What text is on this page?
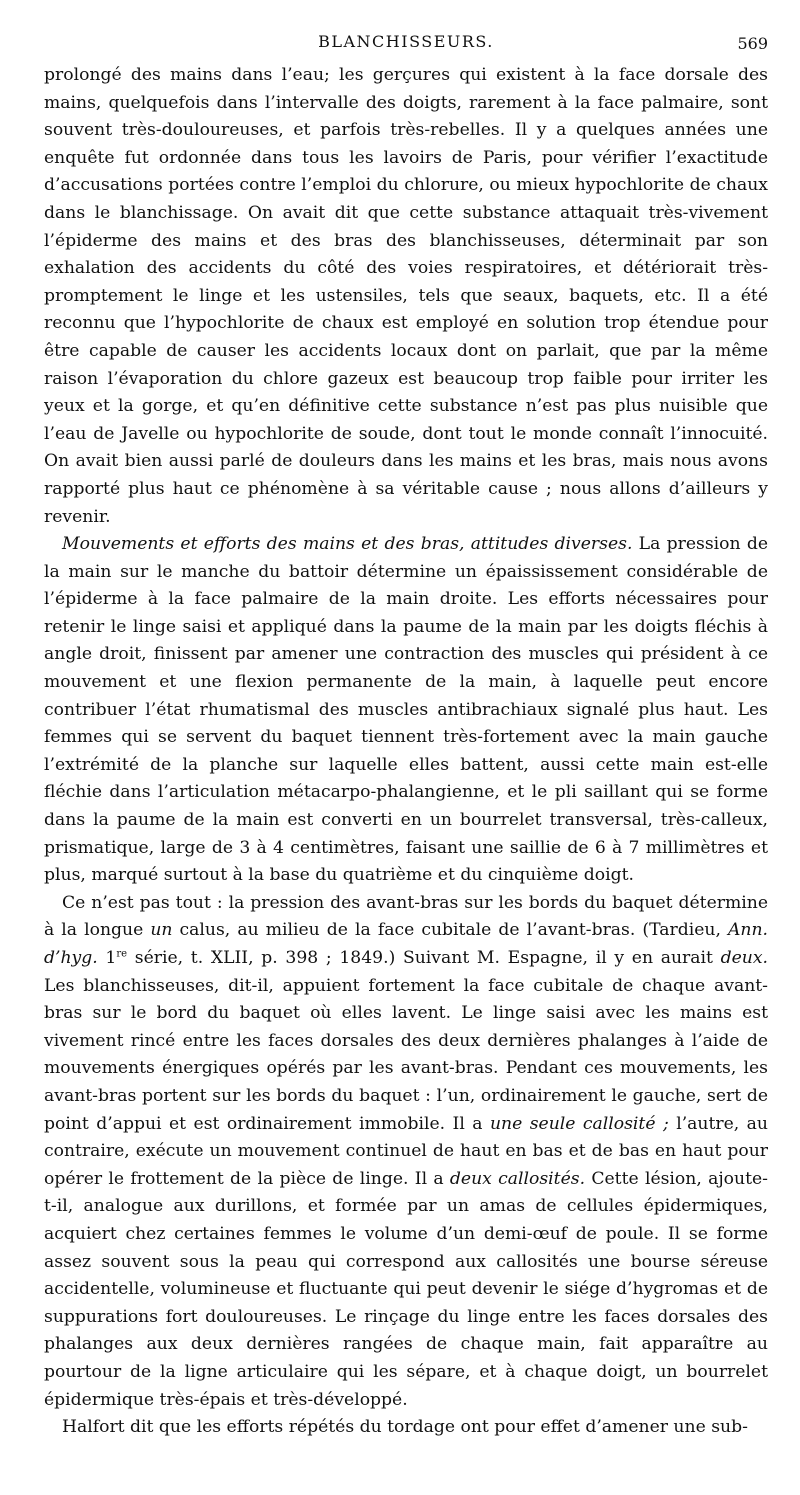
BLANCHISSEURS.	569

prolongé des mains dans l’eau; les gerçures qui existent à la face dorsale des mains, quelquefois dans l’intervalle des doigts, rarement à la face palmaire, sont souvent très-douloureuses, et parfois très-rebelles. Il y a quelques années une enquête fut ordonnée dans tous les lavoirs de Paris, pour vérifier l’exactitude d’accusations portées contre l’emploi du chlorure, ou mieux hypochlorite de chaux dans le blanchissage. On avait dit que cette substance attaquait très-vivement l’épiderme des mains et des bras des blanchisseuses, déterminait par son exhalation des accidents du côté des voies respiratoires, et détériorait très-promptement le linge et les ustensiles, tels que seaux, baquets, etc. Il a été reconnu que l’hypochlorite de chaux est employé en solution trop étendue pour être capable de causer les accidents locaux dont on parlait, que par la même raison l’évaporation du chlore gazeux est beaucoup trop faible pour irriter les yeux et la gorge, et qu’en définitive cette substance n’est pas plus nuisible que l’eau de Javelle ou hypochlorite de soude, dont tout le monde connaît l’innocuité. On avait bien aussi parlé de douleurs dans les mains et les bras, mais nous avons rapporté plus haut ce phénomène à sa véritable cause ; nous allons d’ailleurs y revenir.

Mouvements et efforts des mains et des bras, attitudes diverses. La pression de la main sur le manche du battoir détermine un épaississement considérable de l’épiderme à la face palmaire de la main droite. Les efforts nécessaires pour retenir le linge saisi et appliqué dans la paume de la main par les doigts fléchis à angle droit, finissent par amener une contraction des muscles qui président à ce mouvement et une flexion permanente de la main, à laquelle peut encore contribuer l’état rhumatismal des muscles antibrachiaux signalé plus haut. Les femmes qui se servent du baquet tiennent très-fortement avec la main gauche l’extrémité de la planche sur laquelle elles battent, aussi cette main est-elle fléchie dans l’articulation métacarpo-phalangienne, et le pli saillant qui se forme dans la paume de la main est converti en un bourrelet transversal, très-calleux, prismatique, large de 3 à 4 centimètres, faisant une saillie de 6 à 7 millimètres et plus, marqué surtout à la base du quatrième et du cinquième doigt.

Ce n’est pas tout : la pression des avant-bras sur les bords du baquet détermine à la longue un calus, au milieu de la face cubitale de l’avant-bras. (Tardieu, Ann. d’hyg. 1re série, t. XLII, p. 398 ; 1849.) Suivant M. Espagne, il y en aurait deux. Les blanchisseuses, dit-il, appuient fortement la face cubitale de chaque avant-bras sur le bord du baquet où elles lavent. Le linge saisi avec les mains est vivement rincé entre les faces dorsales des deux dernières phalanges à l’aide de mouvements énergiques opérés par les avant-bras. Pendant ces mouvements, les avant-bras portent sur les bords du baquet : l’un, ordinairement le gauche, sert de point d’appui et est ordinairement immobile. Il a une seule callosité ; l’autre, au contraire, exécute un mouvement continuel de haut en bas et de bas en haut pour opérer le frottement de la pièce de linge. Il a deux callosités. Cette lésion, ajoute-t-il, analogue aux durillons, et formée par un amas de cellules épidermiques, acquiert chez certaines femmes le volume d’un demi-œuf de poule. Il se forme assez souvent sous la peau qui correspond aux callosités une bourse séreuse accidentelle, volumineuse et fluctuante qui peut devenir le siége d’hygromas et de suppurations fort douloureuses. Le rinçage du linge entre les faces dorsales des phalanges aux deux dernières rangées de chaque main, fait apparaître au pourtour de la ligne articulaire qui les sépare, et à chaque doigt, un bourrelet épidermique très-épais et très-développé.

Halfort dit que les efforts répétés du tordage ont pour effet d’amener une sub-
